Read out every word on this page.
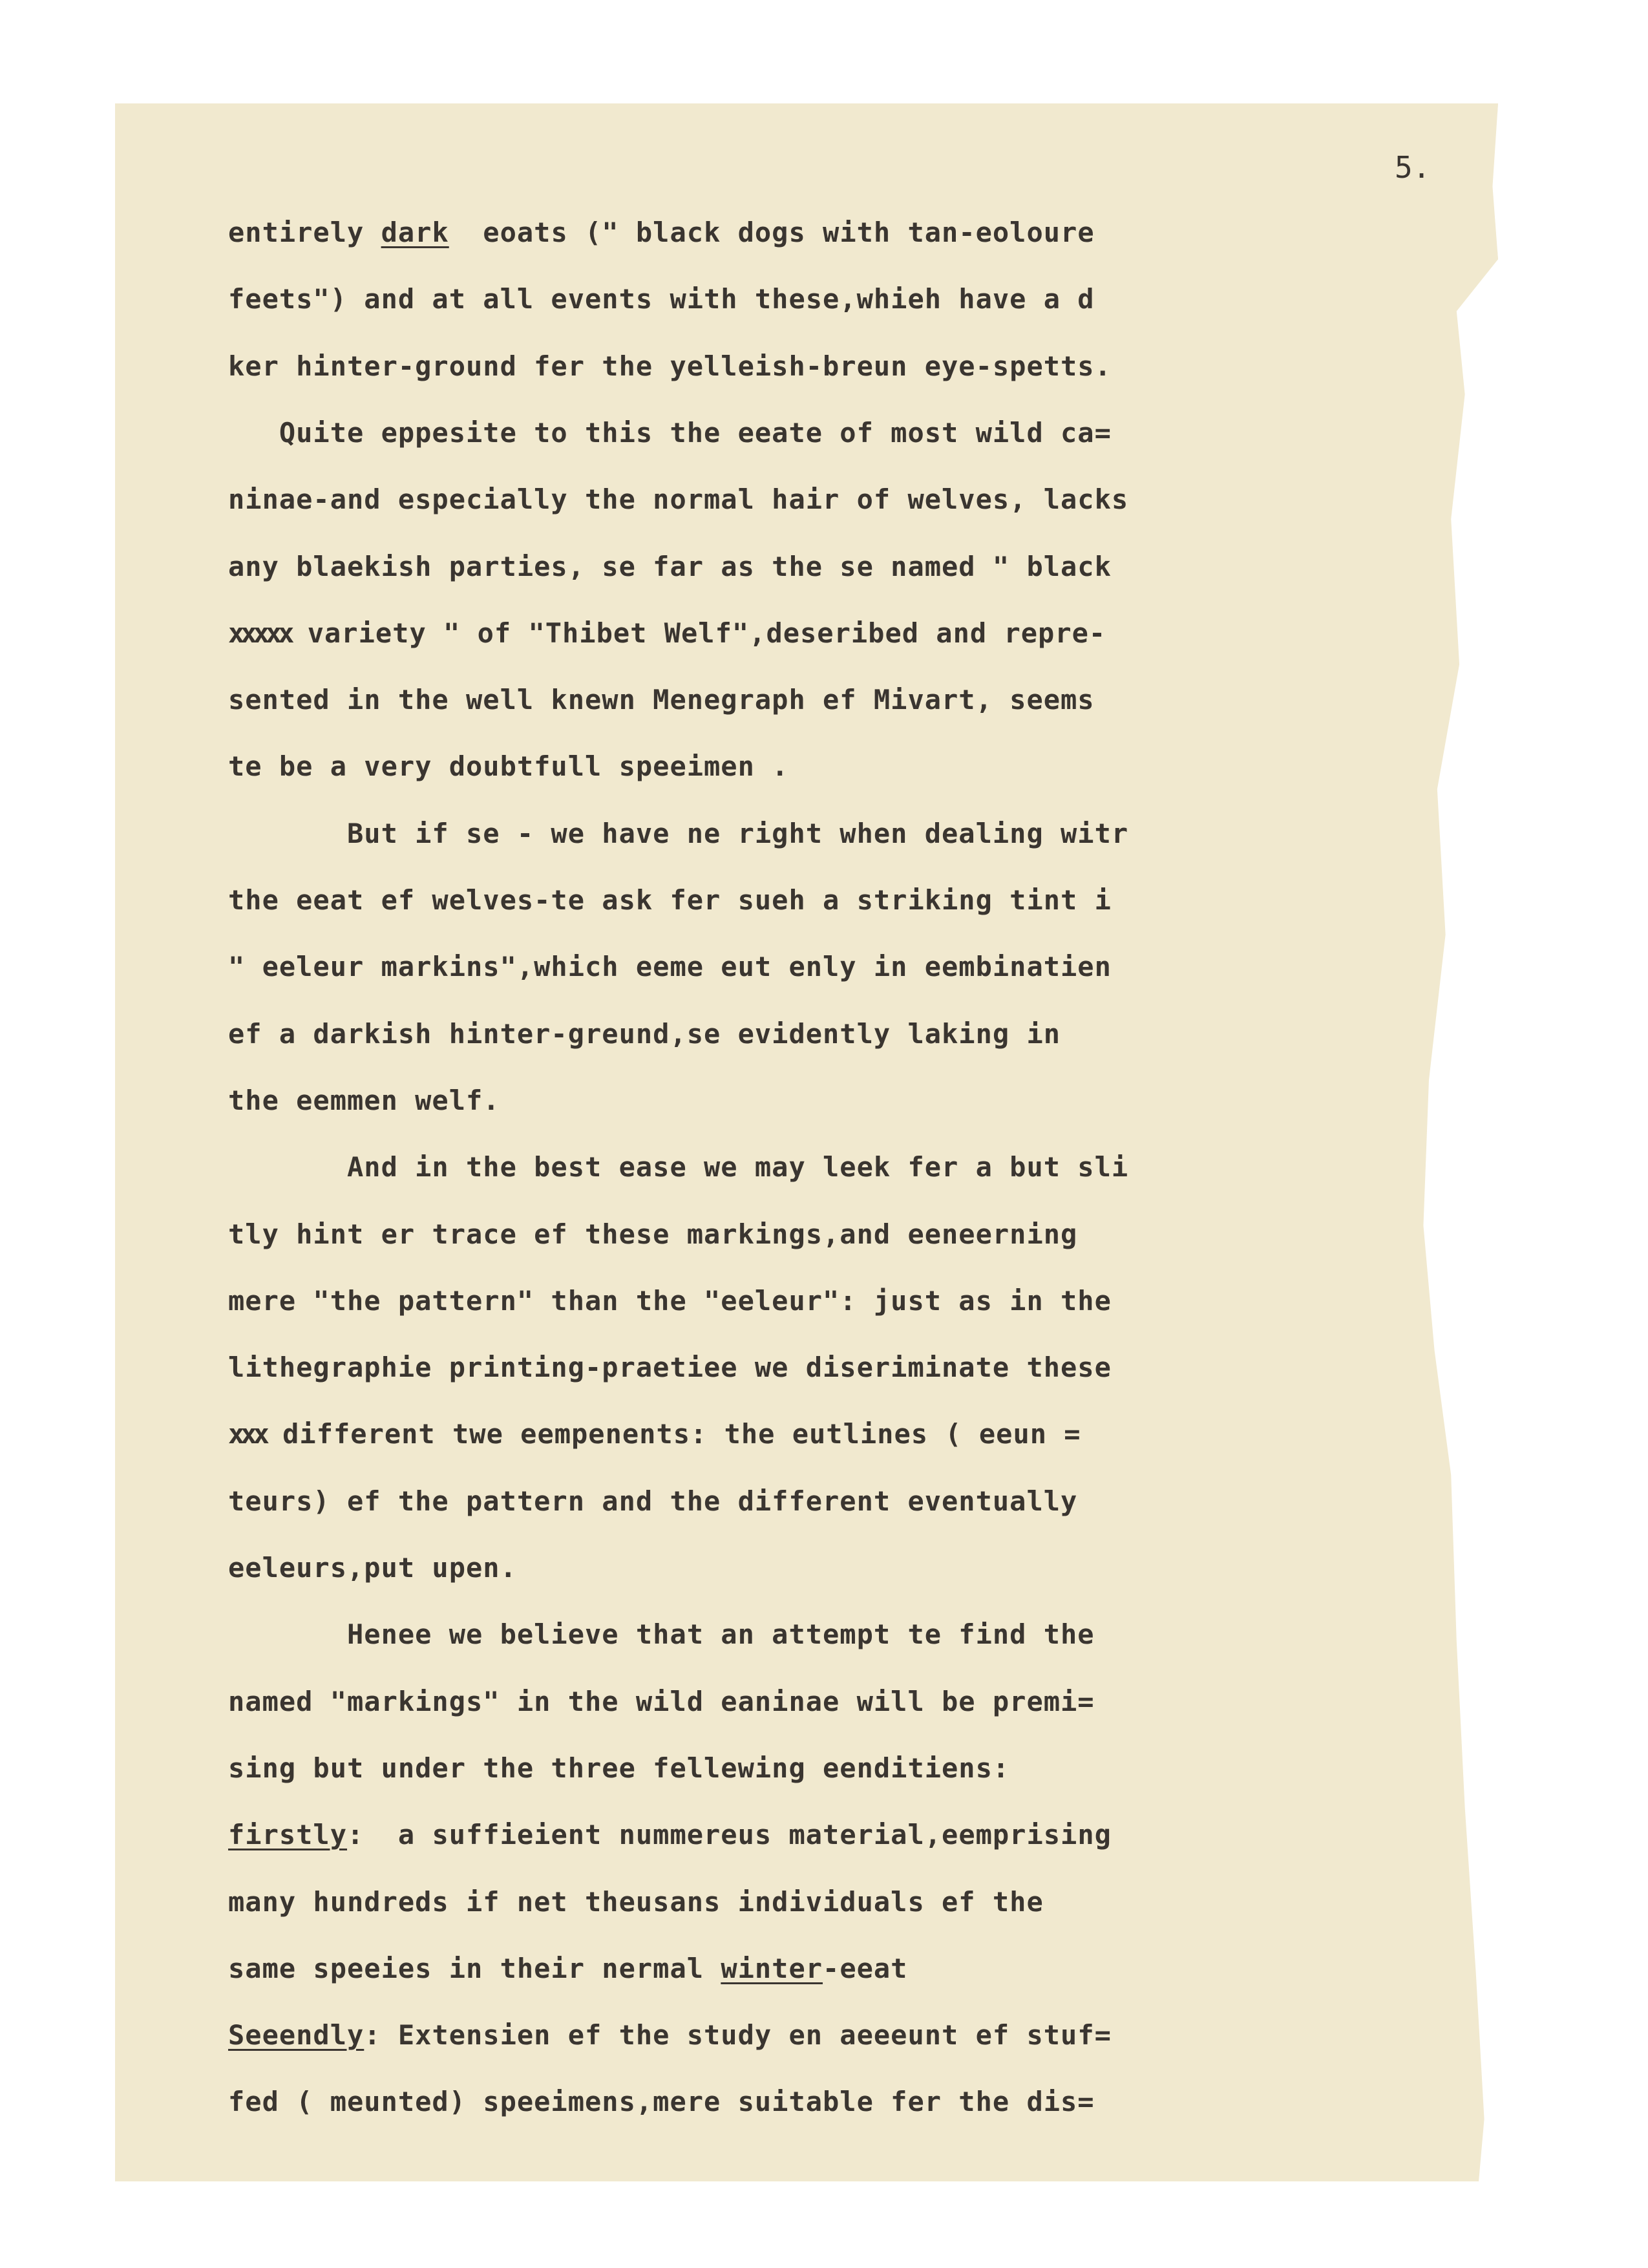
5.
entirely dark  eoats (" black dogs with tan-eoloure
feets") and at all events with these,whieh have a d
ker hinter-ground fer the yelleish-breun eye-spetts.
Quite eppesite to this the eeate of most wild ca=
ninae-and especially the normal hair of welves, lacks
any blaekish parties, se far as the se named " black
xxxxx variety " of "Thibet Welf",deseribed and repre-
sented in the well knewn Menegraph ef Mivart, seems
te be a very doubtfull speeimen .
But if se - we have ne right when dealing witr
the eeat ef welves-te ask fer sueh a striking tint i
" eeleur markins",which eeme eut enly in eembinatien
ef a darkish hinter-greund,se evidently laking in
the eemmen welf.
And in the best ease we may leek fer a but sli
tly hint er trace ef these markings,and eeneerning
mere "the pattern" than the "eeleur": just as in the
lithegraphie printing-praetiee we diseriminate these
xxx different twe eempenents: the eutlines ( eeun =
teurs) ef the pattern and the different eventually
eeleurs,put upen.
Henee we believe that an attempt te find the
named "markings" in the wild eaninae will be premi=
sing but under the three fellewing eenditiens:
firstly:  a suffieient nummereus material,eemprising
many hundreds if net theusans individuals ef the
same speeies in their nermal winter-eeat
Seeendly: Extensien ef the study en aeeeunt ef stuf=
fed ( meunted) speeimens,mere suitable fer the dis=
